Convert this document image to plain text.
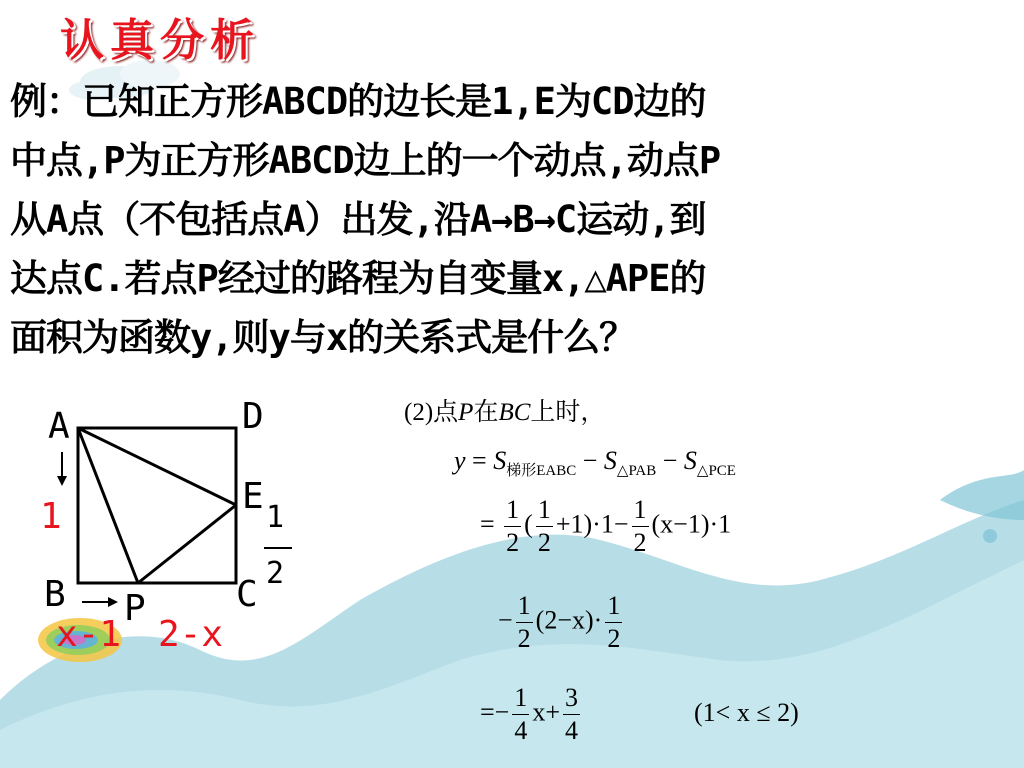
认真分析
例：已知正方形ABCD的边长是1,E为CD边的
中点,P为正方形ABCD边上的一个动点,动点P
从A点（不包括点A）出发,沿A→B→C运动,到
达点C.若点P经过的路程为自变量x,△APE的
面积为函数y,则y与x的关系式是什么？
A	D
E
B P	C
1	1
2
x-1 2-x
(2)点P在BC上时，
$y = S_{梯形EABC} - S_{\triangle PAB} - S_{\triangle PCE}$
= $\frac{1}{2}$ ( $\frac{1}{2} +1)\cdot 1- \frac{1}{2} (x-1)\cdot 1$
− $\frac{1}{2} (2-x)\cdot \frac{1}{2}$
=− $\frac{1}{4} x+ \frac{3}{4}$	(1< x ≤ 2)
